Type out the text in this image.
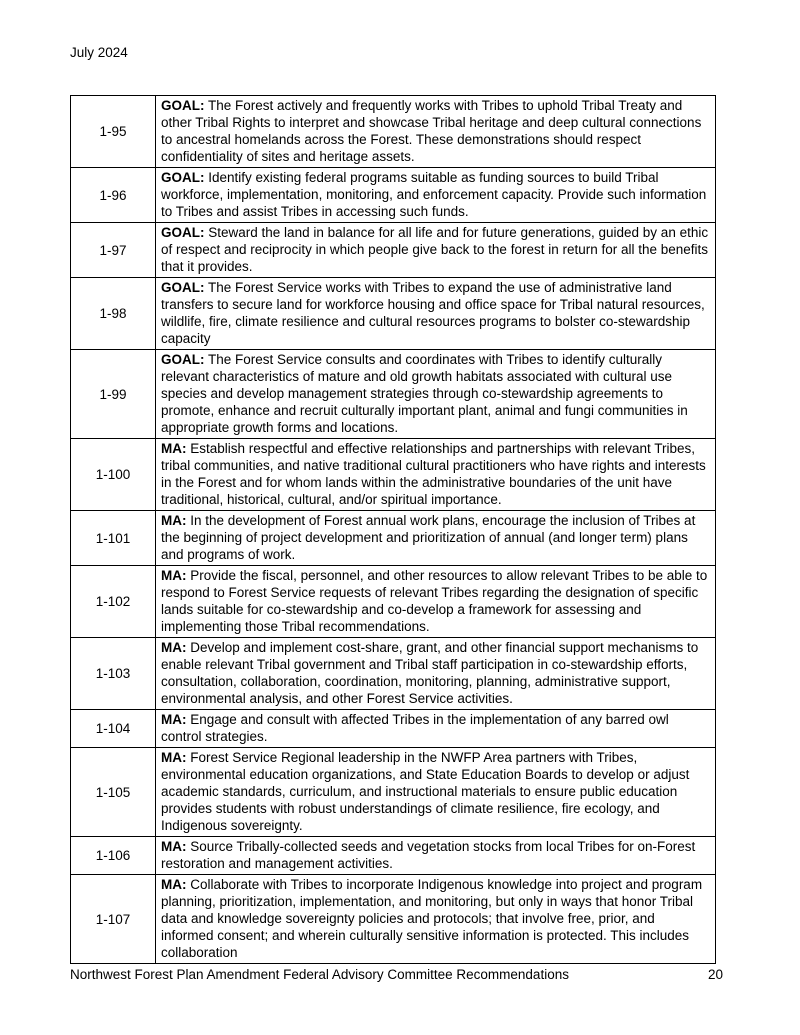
July 2024
1-95	GOAL: The Forest actively and frequently works with Tribes to uphold Tribal Treaty and other Tribal Rights to interpret and showcase Tribal heritage and deep cultural connections to ancestral homelands across the Forest. These demonstrations should respect confidentiality of sites and heritage assets.
1-96	GOAL: Identify existing federal programs suitable as funding sources to build Tribal workforce, implementation, monitoring, and enforcement capacity. Provide such information to Tribes and assist Tribes in accessing such funds.
1-97	GOAL: Steward the land in balance for all life and for future generations, guided by an ethic of respect and reciprocity in which people give back to the forest in return for all the benefits that it provides.
1-98	GOAL: The Forest Service works with Tribes to expand the use of administrative land transfers to secure land for workforce housing and office space for Tribal natural resources, wildlife, fire, climate resilience and cultural resources programs to bolster co-stewardship capacity
1-99	GOAL: The Forest Service consults and coordinates with Tribes to identify culturally relevant characteristics of mature and old growth habitats associated with cultural use species and develop management strategies through co-stewardship agreements to promote, enhance and recruit culturally important plant, animal and fungi communities in appropriate growth forms and locations.
1-100	MA: Establish respectful and effective relationships and partnerships with relevant Tribes, tribal communities, and native traditional cultural practitioners who have rights and interests in the Forest and for whom lands within the administrative boundaries of the unit have traditional, historical, cultural, and/or spiritual importance.
1-101	MA: In the development of Forest annual work plans, encourage the inclusion of Tribes at the beginning of project development and prioritization of annual (and longer term) plans and programs of work.
1-102	MA: Provide the fiscal, personnel, and other resources to allow relevant Tribes to be able to respond to Forest Service requests of relevant Tribes regarding the designation of specific lands suitable for co-stewardship and co-develop a framework for assessing and implementing those Tribal recommendations.
1-103	MA: Develop and implement cost-share, grant, and other financial support mechanisms to enable relevant Tribal government and Tribal staff participation in co-stewardship efforts, consultation, collaboration, coordination, monitoring, planning, administrative support, environmental analysis, and other Forest Service activities.
1-104	MA: Engage and consult with affected Tribes in the implementation of any barred owl control strategies.
1-105	MA: Forest Service Regional leadership in the NWFP Area partners with Tribes, environmental education organizations, and State Education Boards to develop or adjust academic standards, curriculum, and instructional materials to ensure public education provides students with robust understandings of climate resilience, fire ecology, and Indigenous sovereignty.
1-106	MA: Source Tribally-collected seeds and vegetation stocks from local Tribes for on-Forest restoration and management activities.
1-107	MA: Collaborate with Tribes to incorporate Indigenous knowledge into project and program planning, prioritization, implementation, and monitoring, but only in ways that honor Tribal data and knowledge sovereignty policies and protocols; that involve free, prior, and informed consent; and wherein culturally sensitive information is protected. This includes collaboration
Northwest Forest Plan Amendment Federal Advisory Committee Recommendations	20
